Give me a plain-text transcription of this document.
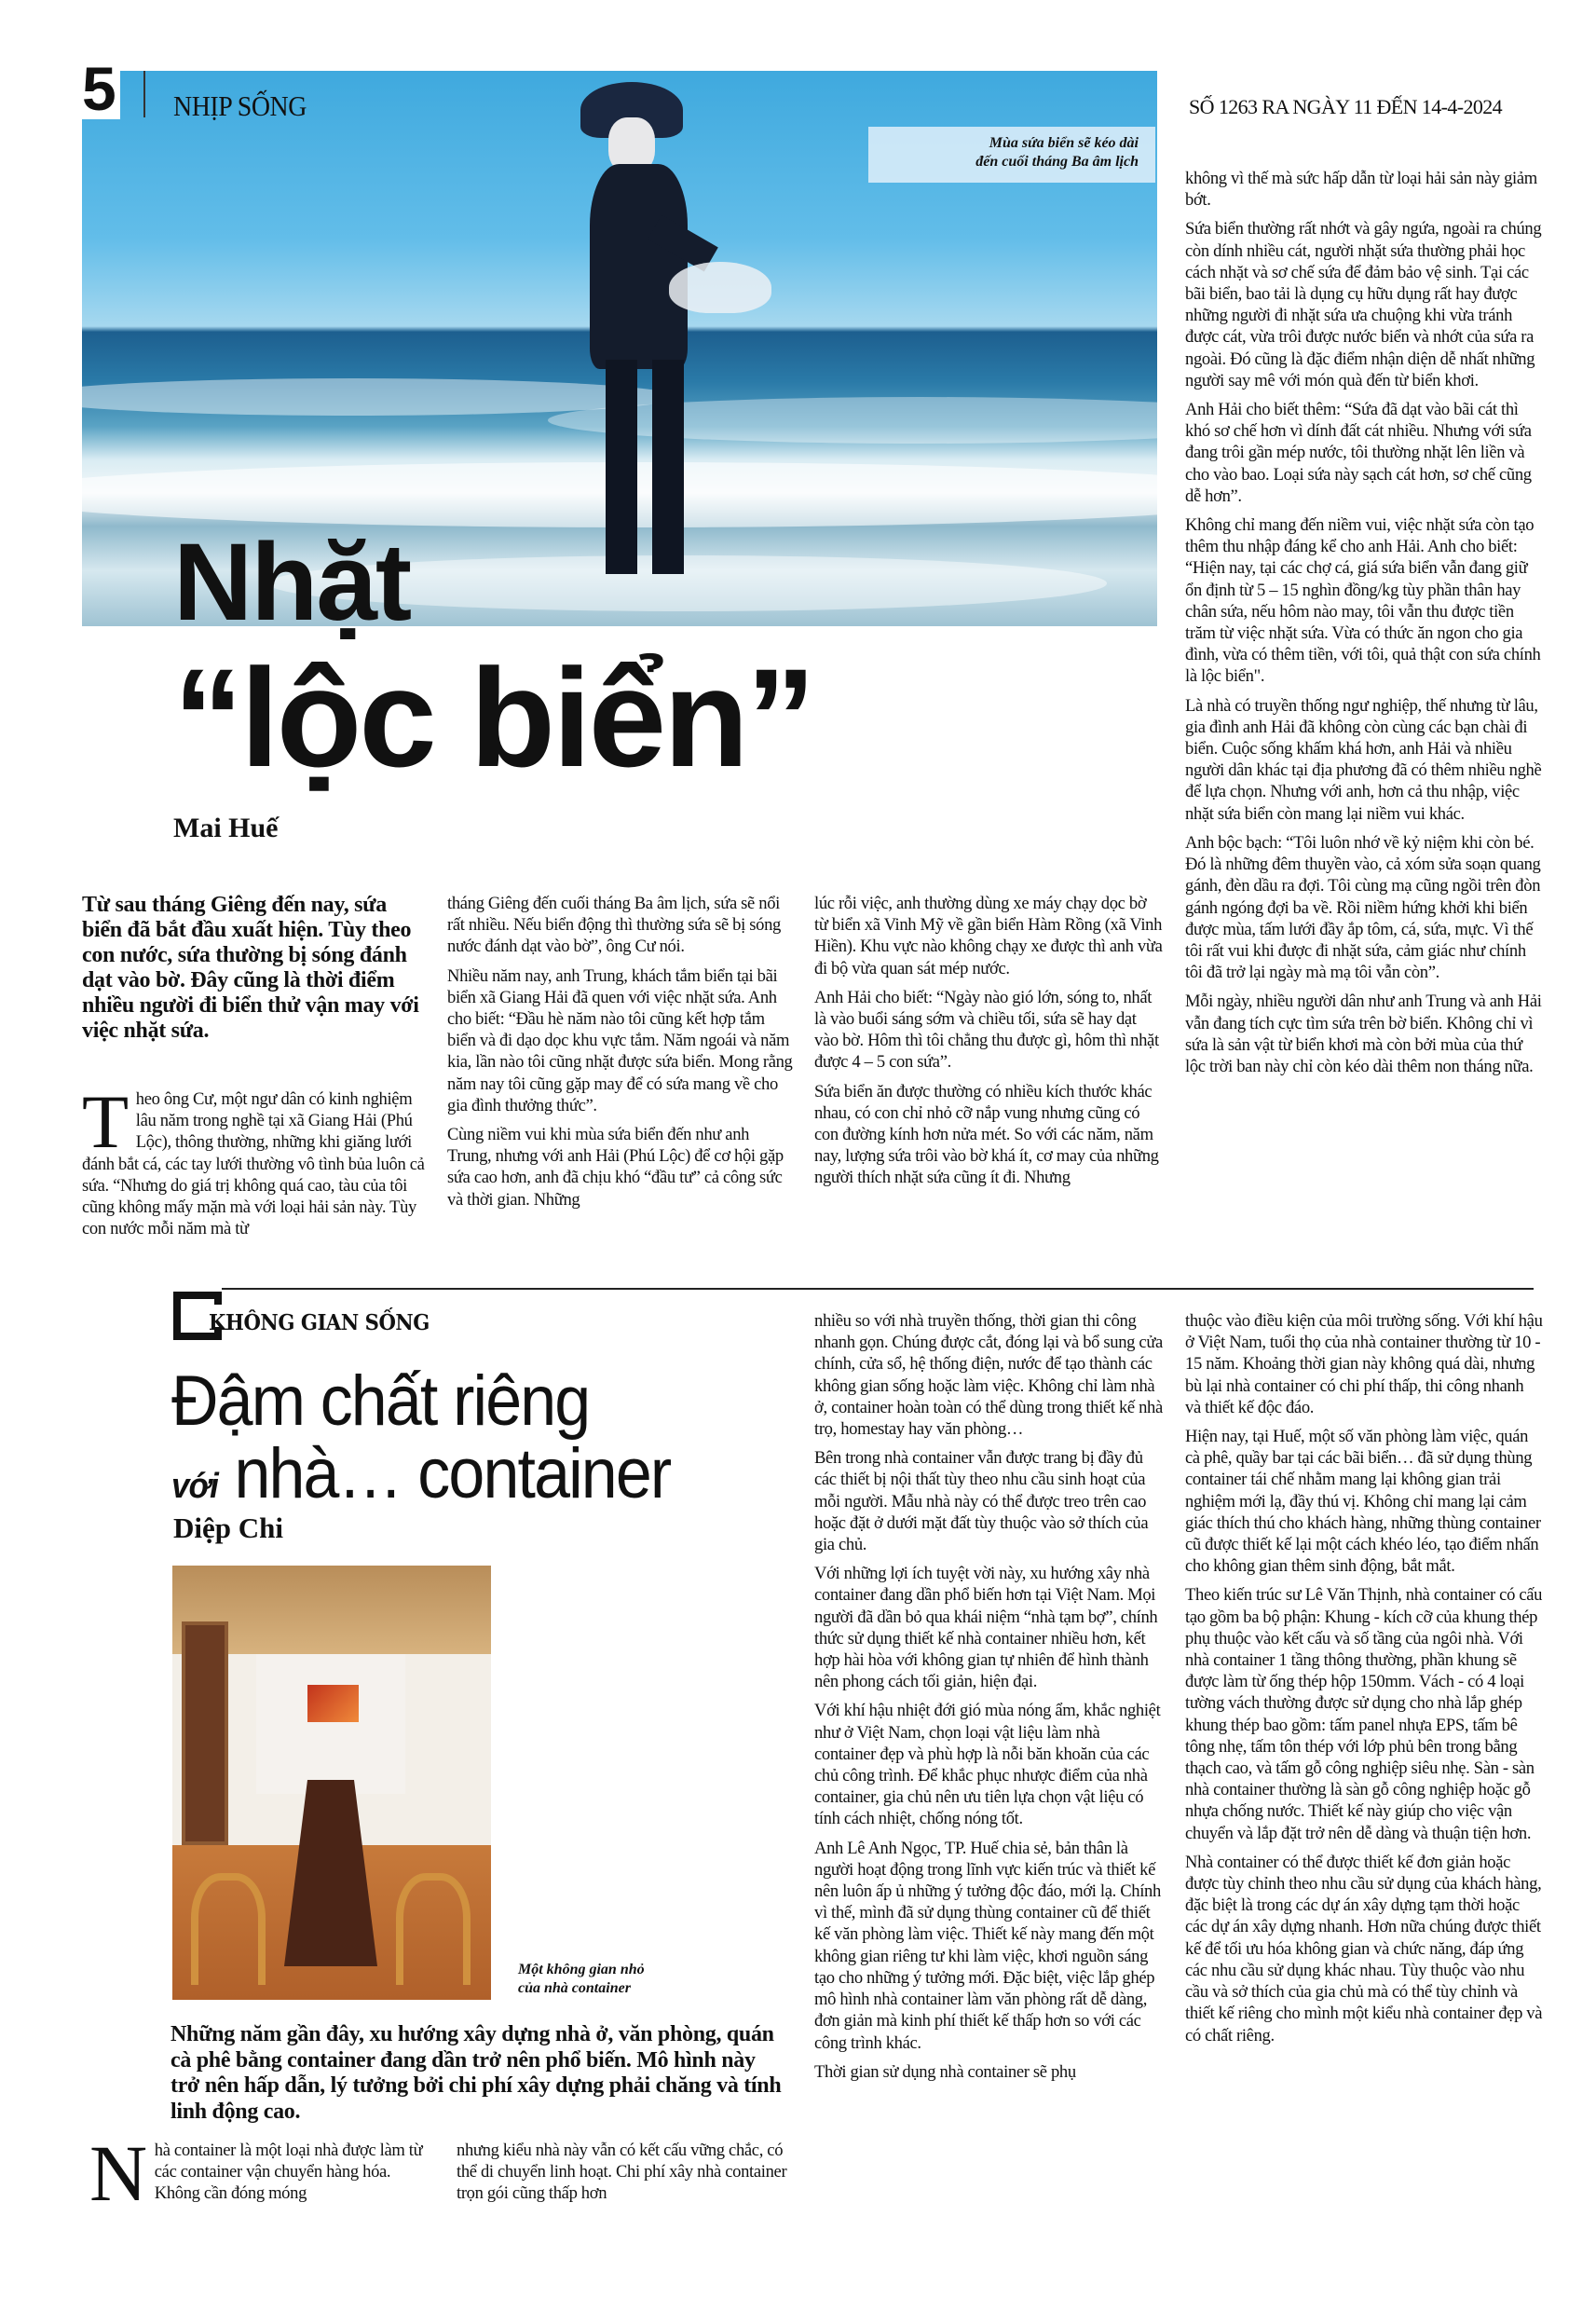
5 NHỊP SỐNG	SỐ 1263 RA NGÀY 11 ĐẾN 14-4-2024
Mùa sứa biển sẽ kéo dài
đến cuối tháng Ba âm lịch
Nhặt
“lộc biển”
Mai Huế
Từ sau tháng Giêng đến nay, sứa biển đã bắt đầu xuất hiện. Tùy theo con nước, sứa thường bị sóng đánh dạt vào bờ. Đây cũng là thời điểm nhiều người đi biển thử vận may với việc nhặt sứa.

Theo ông Cư, một ngư dân có kinh nghiệm lâu năm trong nghề tại xã Giang Hải (Phú Lộc), thông thường, những khi giăng lưới đánh bắt cá, các tay lưới thường vô tình bủa luôn cả sứa. “Nhưng do giá trị không quá cao, tàu của tôi cũng không mấy mặn mà với loại hải sản này. Tùy con nước mỗi năm mà từ

tháng Giêng đến cuối tháng Ba âm lịch, sứa sẽ nổi rất nhiều. Nếu biển động thì thường sứa sẽ bị sóng nước đánh dạt vào bờ”, ông Cư nói.

Nhiều năm nay, anh Trung, khách tắm biển tại bãi biển xã Giang Hải đã quen với việc nhặt sứa. Anh cho biết: “Đầu hè năm nào tôi cũng kết hợp tắm biển và đi dạo dọc khu vực tắm. Năm ngoái và năm kia, lần nào tôi cũng nhặt được sứa biển. Mong rằng năm nay tôi cũng gặp may để có sứa mang về cho gia đình thưởng thức”.

Cùng niềm vui khi mùa sứa biển đến như anh Trung, nhưng với anh Hải (Phú Lộc) để cơ hội gặp sứa cao hơn, anh đã chịu khó “đầu tư” cả công sức và thời gian. Những

lúc rỗi việc, anh thường dùng xe máy chạy dọc bờ từ biển xã Vinh Mỹ về gần biển Hàm Rồng (xã Vinh Hiền). Khu vực nào không chạy xe được thì anh vừa đi bộ vừa quan sát mép nước.

Anh Hải cho biết: “Ngày nào gió lớn, sóng to, nhất là vào buổi sáng sớm và chiều tối, sứa sẽ hay dạt vào bờ. Hôm thì tôi chẳng thu được gì, hôm thì nhặt được 4 – 5 con sứa”.

Sứa biển ăn được thường có nhiều kích thước khác nhau, có con chỉ nhỏ cỡ nắp vung nhưng cũng có con đường kính hơn nửa mét. So với các năm, năm nay, lượng sứa trôi vào bờ khá ít, cơ may của những người thích nhặt sứa cũng ít đi. Nhưng

không vì thế mà sức hấp dẫn từ loại hải sản này giảm bớt.

Sứa biển thường rất nhớt và gây ngứa, ngoài ra chúng còn dính nhiều cát, người nhặt sứa thường phải học cách nhặt và sơ chế sứa để đảm bảo vệ sinh. Tại các bãi biển, bao tải là dụng cụ hữu dụng rất hay được những người đi nhặt sứa ưa chuộng khi vừa tránh được cát, vừa trôi được nước biển và nhớt của sứa ra ngoài. Đó cũng là đặc điểm nhận diện dễ nhất những người say mê với món quà đến từ biển khơi.

Anh Hải cho biết thêm: “Sứa đã dạt vào bãi cát thì khó sơ chế hơn vì dính đất cát nhiều. Nhưng với sứa đang trôi gần mép nước, tôi thường nhặt lên liền và cho vào bao. Loại sứa này sạch cát hơn, sơ chế cũng dễ hơn”.

Không chỉ mang đến niềm vui, việc nhặt sứa còn tạo thêm thu nhập đáng kể cho anh Hải. Anh cho biết: “Hiện nay, tại các chợ cá, giá sứa biển vẫn đang giữ ổn định từ 5 – 15 nghìn đồng/kg tùy phần thân hay chân sứa, nếu hôm nào may, tôi vẫn thu được tiền trăm từ việc nhặt sứa. Vừa có thức ăn ngon cho gia đình, vừa có thêm tiền, với tôi, quả thật con sứa chính là lộc biển".

Là nhà có truyền thống ngư nghiệp, thế nhưng từ lâu, gia đình anh Hải đã không còn cùng các bạn chài đi biển. Cuộc sống khấm khá hơn, anh Hải và nhiều người dân khác tại địa phương đã có thêm nhiều nghề để lựa chọn. Nhưng với anh, hơn cả thu nhập, việc nhặt sứa biển còn mang lại niềm vui khác.

Anh bộc bạch: “Tôi luôn nhớ về kỷ niệm khi còn bé. Đó là những đêm thuyền vào, cả xóm sửa soạn quang gánh, đèn dầu ra đợi. Tôi cùng mạ cũng ngồi trên đòn gánh ngóng đợi ba về. Rồi niềm hứng khởi khi biển được mùa, tấm lưới đầy ắp tôm, cá, sứa, mực. Vì thế tôi rất vui khi được đi nhặt sứa, cảm giác như chính tôi đã trở lại ngày mà mạ tôi vẫn còn”.

Mỗi ngày, nhiều người dân như anh Trung và anh Hải vẫn đang tích cực tìm sứa trên bờ biển. Không chỉ vì sứa là sản vật từ biển khơi mà còn bởi mùa của thứ lộc trời ban này chỉ còn kéo dài thêm non tháng nữa.

KHÔNG GIAN SỐNG
Đậm chất riêng
với nhà… container
Diệp Chi
Một không gian nhỏ
của nhà container
Những năm gần đây, xu hướng xây dựng nhà ở, văn phòng, quán cà phê bằng container đang dần trở nên phổ biến. Mô hình này trở nên hấp dẫn, lý tưởng bởi chi phí xây dựng phải chăng và tính linh động cao.

Nhà container là một loại nhà được làm từ các container vận chuyển hàng hóa. Không cần đóng móng

nhưng kiểu nhà này vẫn có kết cấu vững chắc, có thể di chuyển linh hoạt. Chi phí xây nhà container trọn gói cũng thấp hơn

nhiều so với nhà truyền thống, thời gian thi công nhanh gọn. Chúng được cắt, đóng lại và bổ sung cửa chính, cửa sổ, hệ thống điện, nước để tạo thành các không gian sống hoặc làm việc. Không chỉ làm nhà ở, container hoàn toàn có thể dùng trong thiết kế nhà trọ, homestay hay văn phòng…

Bên trong nhà container vẫn được trang bị đầy đủ các thiết bị nội thất tùy theo nhu cầu sinh hoạt của mỗi người. Mẫu nhà này có thể được treo trên cao hoặc đặt ở dưới mặt đất tùy thuộc vào sở thích của gia chủ.

Với những lợi ích tuyệt vời này, xu hướng xây nhà container đang dần phổ biến hơn tại Việt Nam. Mọi người đã dần bỏ qua khái niệm “nhà tạm bợ”, chính thức sử dụng thiết kế nhà container nhiều hơn, kết hợp hài hòa với không gian tự nhiên để hình thành nên phong cách tối giản, hiện đại.

Với khí hậu nhiệt đới gió mùa nóng ẩm, khắc nghiệt như ở Việt Nam, chọn loại vật liệu làm nhà container đẹp và phù hợp là nỗi băn khoăn của các chủ công trình. Để khắc phục nhược điểm của nhà container, gia chủ nên ưu tiên lựa chọn vật liệu có tính cách nhiệt, chống nóng tốt.

Anh Lê Anh Ngọc, TP. Huế chia sẻ, bản thân là người hoạt động trong lĩnh vực kiến trúc và thiết kế nên luôn ấp ủ những ý tưởng độc đáo, mới lạ. Chính vì thế, mình đã sử dụng thùng container cũ để thiết kế văn phòng làm việc. Thiết kế này mang đến một không gian riêng tư khi làm việc, khơi nguồn sáng tạo cho những ý tưởng mới. Đặc biệt, việc lắp ghép mô hình nhà container làm văn phòng rất dễ dàng, đơn giản mà kinh phí thiết kế thấp hơn so với các công trình khác.

Thời gian sử dụng nhà container sẽ phụ

thuộc vào điều kiện của môi trường sống. Với khí hậu ở Việt Nam, tuổi thọ của nhà container thường từ 10 - 15 năm. Khoảng thời gian này không quá dài, nhưng bù lại nhà container có chi phí thấp, thi công nhanh và thiết kế độc đáo.

Hiện nay, tại Huế, một số văn phòng làm việc, quán cà phê, quầy bar tại các bãi biển… đã sử dụng thùng container tái chế nhằm mang lại không gian trải nghiệm mới lạ, đầy thú vị. Không chỉ mang lại cảm giác thích thú cho khách hàng, những thùng container cũ được thiết kế lại một cách khéo léo, tạo điểm nhấn cho không gian thêm sinh động, bắt mắt.

Theo kiến trúc sư Lê Văn Thịnh, nhà container có cấu tạo gồm ba bộ phận: Khung - kích cỡ của khung thép phụ thuộc vào kết cấu và số tầng của ngôi nhà. Với nhà container 1 tầng thông thường, phần khung sẽ được làm từ ống thép hộp 150mm. Vách - có 4 loại tường vách thường được sử dụng cho nhà lắp ghép khung thép bao gồm: tấm panel nhựa EPS, tấm bê tông nhẹ, tấm tôn thép với lớp phủ bên trong bằng thạch cao, và tấm gỗ công nghiệp siêu nhẹ. Sàn - sàn nhà container thường là sàn gỗ công nghiệp hoặc gỗ nhựa chống nước. Thiết kế này giúp cho việc vận chuyển và lắp đặt trở nên dễ dàng và thuận tiện hơn.

Nhà container có thể được thiết kế đơn giản hoặc được tùy chỉnh theo nhu cầu sử dụng của khách hàng, đặc biệt là trong các dự án xây dựng tạm thời hoặc các dự án xây dựng nhanh. Hơn nữa chúng được thiết kế để tối ưu hóa không gian và chức năng, đáp ứng các nhu cầu sử dụng khác nhau. Tùy thuộc vào nhu cầu và sở thích của gia chủ mà có thể tùy chỉnh và thiết kế riêng cho mình một kiểu nhà container đẹp và có chất riêng.
